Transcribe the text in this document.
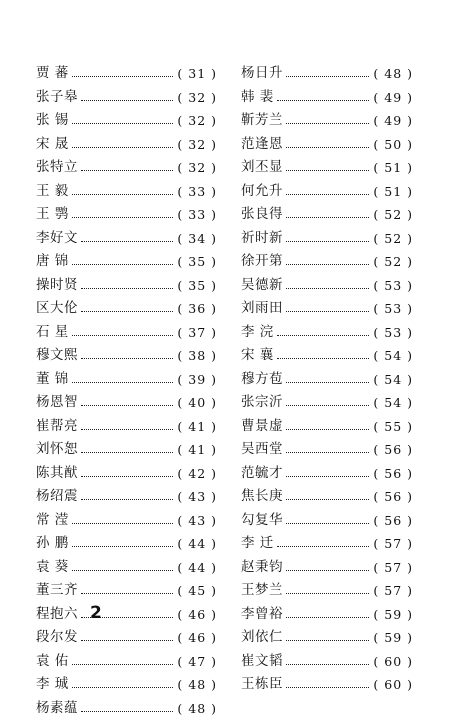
贾 蕃	( 31 )
张子皋	( 32 )
张 锡	( 32 )
宋 晟	( 32 )
张特立	( 32 )
王 毅	( 33 )
王 鹗	( 33 )
李好文	( 34 )
唐 锦	( 35 )
操时贤	( 35 )
区大伦	( 36 )
石 星	( 37 )
穆文熙	( 38 )
董 锦	( 39 )
杨恩智	( 40 )
崔帮亮	( 41 )
刘怀恕	( 41 )
陈其猷	( 42 )
杨绍震	( 43 )
常 滢	( 43 )
孙 鹏	( 44 )
袁 葵	( 44 )
董三齐	( 45 )
程抱六	( 46 )
段尔发	( 46 )
袁 佑	( 47 )
李 珹	( 48 )
杨素蕴	( 48 )
杨日升	( 48 )
韩 裴	( 49 )
靳芳兰	( 49 )
范逢恩	( 50 )
刘丕显	( 51 )
何允升	( 51 )
张良得	( 52 )
祈时新	( 52 )
徐开第	( 52 )
吴德新	( 53 )
刘雨田	( 53 )
李 浣	( 53 )
宋 襄	( 54 )
穆方苞	( 54 )
张宗沂	( 54 )
曹景虚	( 55 )
吴西堂	( 56 )
范毓才	( 56 )
焦长庚	( 56 )
勾复华	( 56 )
李 迁	( 57 )
赵秉钧	( 57 )
王梦兰	( 57 )
李曾裕	( 59 )
刘依仁	( 59 )
崔文韬	( 60 )
王栋臣	( 60 )
2
